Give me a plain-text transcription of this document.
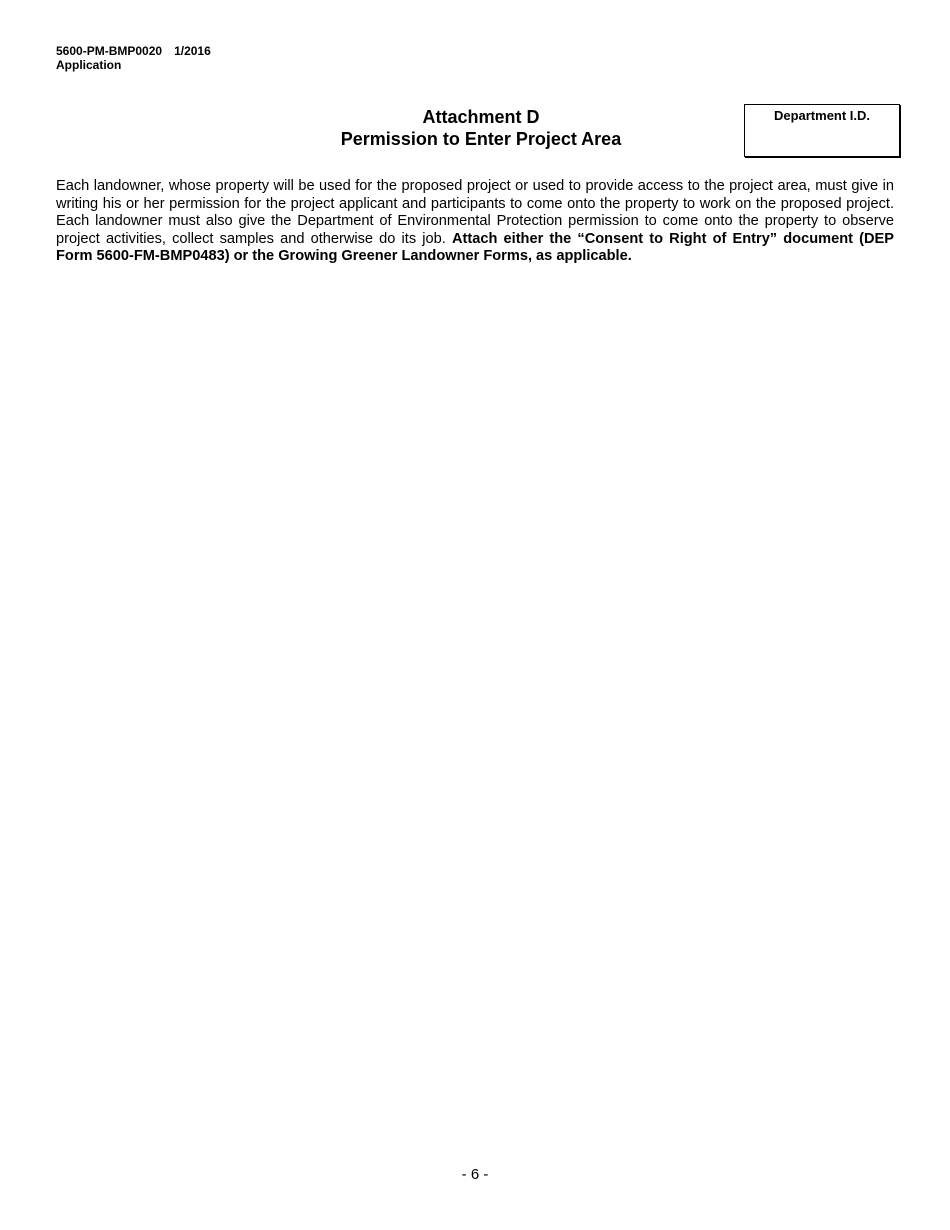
5600-PM-BMP0020 1/2016
Application
Attachment D
Permission to Enter Project Area
Department I.D.

Each landowner, whose property will be used for the proposed project or used to provide access to the project area, must give in writing his or her permission for the project applicant and participants to come onto the property to work on the proposed project. Each landowner must also give the Department of Environmental Protection permission to come onto the property to observe project activities, collect samples and otherwise do its job. Attach either the “Consent to Right of Entry” document (DEP Form 5600-FM-BMP0483) or the Growing Greener Landowner Forms, as applicable.

- 6 -
